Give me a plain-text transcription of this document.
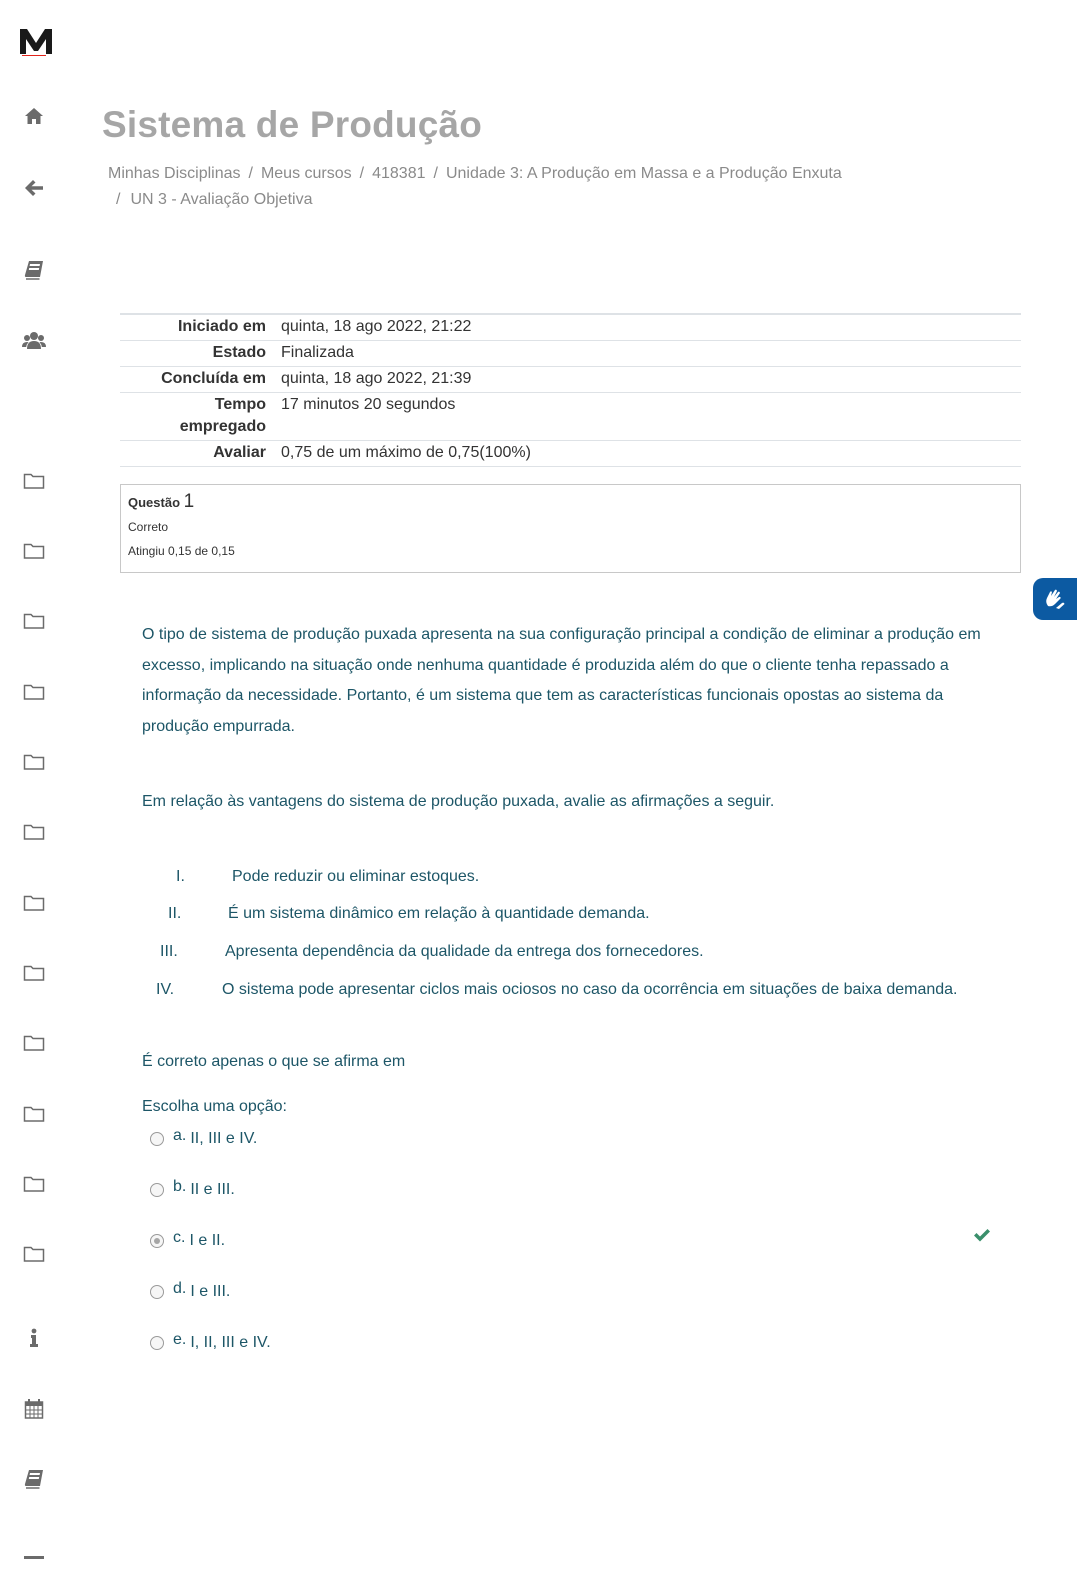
Sistema de Produção
Minhas Disciplinas / Meus cursos / 418381 / Unidade 3: A Produção em Massa e a Produção Enxuta
/ UN 3 - Avaliação Objetiva
Iniciado em quinta, 18 ago 2022, 21:22
Estado Finalizada
Concluída em quinta, 18 ago 2022, 21:39
Tempo empregado
17 minutos 20 segundos
Avaliar 0,75 de um máximo de 0,75(100%)
Questão 1
Correto
Atingiu 0,15 de 0,15

O tipo de sistema de produção puxada apresenta na sua configuração principal a condição de eliminar a produção em excesso, implicando na situação onde nenhuma quantidade é produzida além do que o cliente tenha repassado a informação da necessidade. Portanto, é um sistema que tem as características funcionais opostas ao sistema da produção empurrada.

Em relação às vantagens do sistema de produção puxada, avalie as afirmações a seguir.

I.	Pode reduzir ou eliminar estoques.
II.	É um sistema dinâmico em relação à quantidade demanda.
III.	Apresenta dependência da qualidade da entrega dos fornecedores.
IV.	O sistema pode apresentar ciclos mais ociosos no caso da ocorrência em situações de baixa demanda.

É correto apenas o que se afirma em

Escolha uma opção:
a. II, III e IV.
b. II e III.
c. I e II.
d. I e III.
e. I, II, III e IV.
